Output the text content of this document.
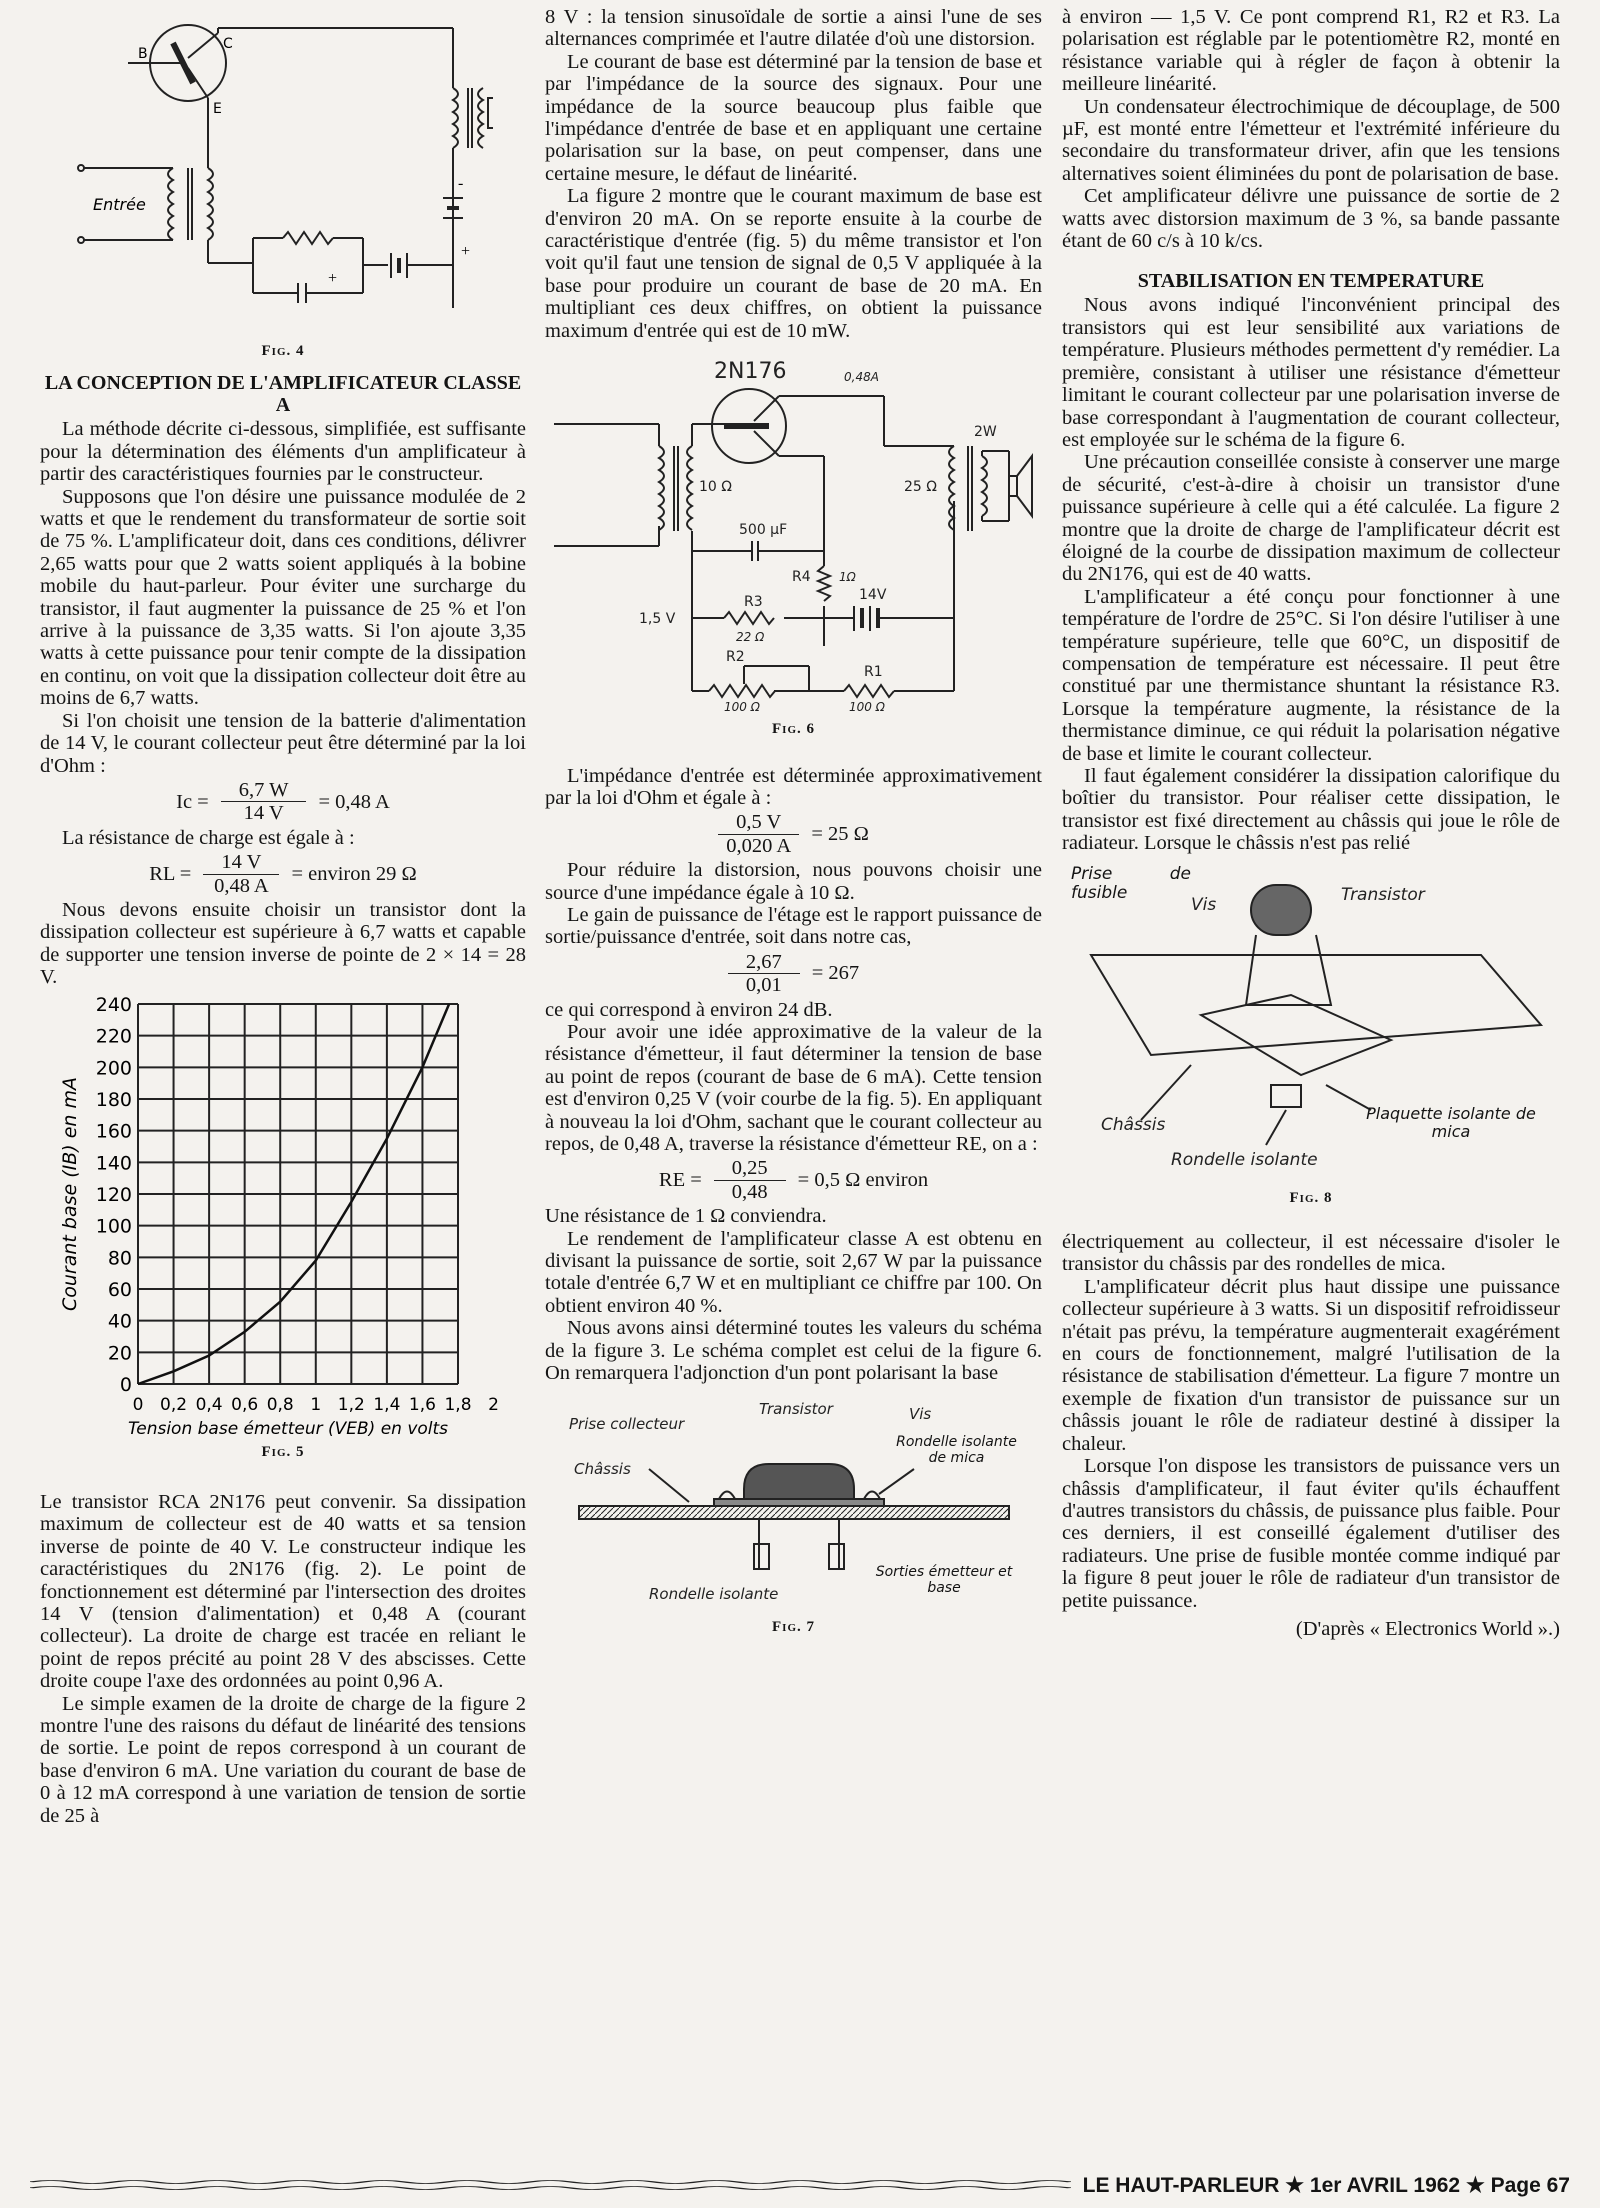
B
C
E
Entrée
+
+
-
Fig. 4
LA CONCEPTION DE L'AMPLIFICATEUR CLASSE A

La méthode décrite ci-dessous, simplifiée, est suffisante pour la détermination des éléments d'un amplificateur à partir des caractéristiques fournies par le constructeur.

Supposons que l'on désire une puissance modulée de 2 watts et que le rendement du transformateur de sortie soit de 75 %. L'amplificateur doit, dans ces conditions, délivrer 2,65 watts pour que 2 watts soient appliqués à la bobine mobile du haut-parleur. Pour éviter une surcharge du transistor, il faut augmenter la puissance de 25 % et l'on arrive à la puissance de 3,35 watts. Si l'on ajoute 3,35 watts à cette puissance pour tenir compte de la dissipation en continu, on voit que la dissipation collecteur doit être au moins de 6,7 watts.

Si l'on choisit une tension de la batterie d'alimentation de 14 V, le courant collecteur peut être déterminé par la loi d'Ohm :

$Ic = \frac{6,7 W}{14 V} = 0,48$ A

La résistance de charge est égale à :

RL = $\frac{14 V}{0,48 A}$ = environ 29 Ω

Nous devons ensuite choisir un transistor dont la dissipation collecteur est supérieure à 6,7 watts et capable de supporter une tension inverse de pointe de 2 × 14 = 28 V.

0
20
40
60
80
100
120
140
160
180
200
220
240
0 0,2 0,4 0,6 0,8 1 1,2 1,4 1,6 1,8 2
Tension base émetteur (VEB) en volts
Courant base (IB) en mA
Fig. 5

Le transistor RCA 2N176 peut convenir. Sa dissipation maximum de collecteur est de 40 watts et sa tension inverse de pointe de 40 V. Le constructeur indique les caractéristiques du 2N176 (fig. 2). Le point de fonctionnement est déterminé par l'intersection des droites 14 V (tension d'alimentation) et 0,48 A (courant collecteur). La droite de charge est tracée en reliant le point de repos précité au point 28 V des abscisses. Cette droite coupe l'axe des ordonnées au point 0,96 A.

Le simple examen de la droite de charge de la figure 2 montre l'une des raisons du défaut de linéarité des tensions de sortie. Le point de repos correspond à un courant de base d'environ 6 mA. Une variation du courant de base de 0 à 12 mA correspond à une variation de tension de sortie de 25 à

8 V : la tension sinusoïdale de sortie a ainsi l'une de ses alternances comprimée et l'autre dilatée d'où une distorsion.

Le courant de base est déterminé par la tension de base et par l'impédance de la source des signaux. Pour une impédance de la source beaucoup plus faible que l'impédance d'entrée de base et en appliquant une certaine polarisation sur la base, on peut compenser, dans une certaine mesure, le défaut de linéarité.

La figure 2 montre que le courant maximum de base est d'environ 20 mA. On se reporte ensuite à la courbe de caractéristique d'entrée (fig. 5) du même transistor et l'on voit qu'il faut une tension de signal de 0,5 V appliquée à la base pour produire un courant de base de 20 mA. En multipliant ces deux chiffres, on obtient la puissance maximum d'entrée qui est de 10 mW.

2N176	0,48A
2W
10 Ω	25 Ω
500 µF
R4 1Ω
14V
1,5 V
R3
22 Ω
R2
100 Ω
R1
100 Ω
Fig. 6

L'impédance d'entrée est déterminée approximativement par la loi d'Ohm et égale à :

$\frac{0,5 V}{0,020 A} = 25$ Ω

Pour réduire la distorsion, nous pouvons choisir une source d'une impédance égale à 10 Ω.

Le gain de puissance de l'étage est le rapport puissance de sortie/puissance d'entrée, soit dans notre cas,

$\frac{2,67}{0,01} = 267$

ce qui correspond à environ 24 dB.

Pour avoir une idée approximative de la valeur de la résistance d'émetteur, il faut déterminer la tension de base au point de repos (courant de base de 6 mA). Cette tension est d'environ 0,25 V (voir courbe de la fig. 5). En appliquant à nouveau la loi d'Ohm, sachant que le courant collecteur au repos, de 0,48 A, traverse la résistance d'émetteur RE, on a :

RE = $\frac{0,25}{0,48} = 0,5$ Ω environ

Une résistance de 1 Ω conviendra.

Le rendement de l'amplificateur classe A est obtenu en divisant la puissance de sortie, soit 2,67 W par la puissance totale d'entrée 6,7 W et en multipliant ce chiffre par 100. On obtient environ 40 %.

Nous avons ainsi déterminé toutes les valeurs du schéma de la figure 3. Le schéma complet est celui de la figure 6. On remarquera l'adjonction d'un pont polarisant la base

Prise collecteur
Transistor	Vis
Châssis
Rondelle isolante de mica
Rondelle isolante
Sorties émetteur et base
Fig. 7

à environ — 1,5 V. Ce pont comprend R1, R2 et R3. La polarisation est réglable par le potentiomètre R2, monté en résistance variable qui à régler de façon à obtenir la meilleure linéarité.

Un condensateur électrochimique de découplage, de 500 µF, est monté entre l'émetteur et l'extrémité inférieure du secondaire du transformateur driver, afin que les tensions alternatives soient éliminées du pont de polarisation de base.

Cet amplificateur délivre une puissance de sortie de 2 watts avec distorsion maximum de 3 %, sa bande passante étant de 60 c/s à 10 k/cs.

STABILISATION EN TEMPERATURE

Nous avons indiqué l'inconvénient principal des transistors qui est leur sensibilité aux variations de température. Plusieurs méthodes permettent d'y remédier. La première, consistant à utiliser une résistance d'émetteur limitant le courant collecteur par une polarisation inverse de base correspondant à l'augmentation de courant collecteur, est employée sur le schéma de la figure 6.

Une précaution conseillée consiste à conserver une marge de sécurité, c'est-à-dire à choisir un transistor d'une puissance supérieure à celle qui a été calculée. La figure 2 montre que la droite de charge de l'amplificateur décrit est éloigné de la courbe de dissipation maximum de collecteur du 2N176, qui est de 40 watts.

L'amplificateur a été conçu pour fonctionner à une température de l'ordre de 25°C. Si l'on désire l'utiliser à une température supérieure, telle que 60°C, un dispositif de compensation de température est nécessaire. Il peut être constitué par une thermistance shuntant la résistance R3. Lorsque la température augmente, la résistance de la thermistance diminue, ce qui réduit la polarisation négative de base et limite le courant collecteur.

Il faut également considérer la dissipation calorifique du boîtier du transistor. Pour réaliser cette dissipation, le transistor est fixé directement au châssis qui joue le rôle de radiateur. Lorsque le châssis n'est pas relié

Prise de fusible
Vis	Transistor
Châssis
Plaquette isolante de mica
Rondelle isolante
Fig. 8

électriquement au collecteur, il est nécessaire d'isoler le transistor du châssis par des rondelles de mica.

L'amplificateur décrit plus haut dissipe une puissance collecteur supérieure à 3 watts. Si un dispositif refroidisseur n'était pas prévu, la température augmenterait exagérément en cours de fonctionnement, malgré l'utilisation de la résistance de stabilisation d'émetteur. La figure 7 montre un exemple de fixation d'un transistor de puissance sur un châssis jouant le rôle de radiateur destiné à dissiper la chaleur.

Lorsque l'on dispose les transistors de puissance vers un châssis d'amplificateur, il faut éviter qu'ils échauffent d'autres transistors du châssis, de puissance plus faible. Pour ces derniers, il est conseillé également d'utiliser des radiateurs. Une prise de fusible montée comme indiqué par la figure 8 peut jouer le rôle de radiateur d'un transistor de petite puissance.

(D'après « Electronics World ».)

LE HAUT-PARLEUR ★ 1er AVRIL 1962 ★ Page 67
